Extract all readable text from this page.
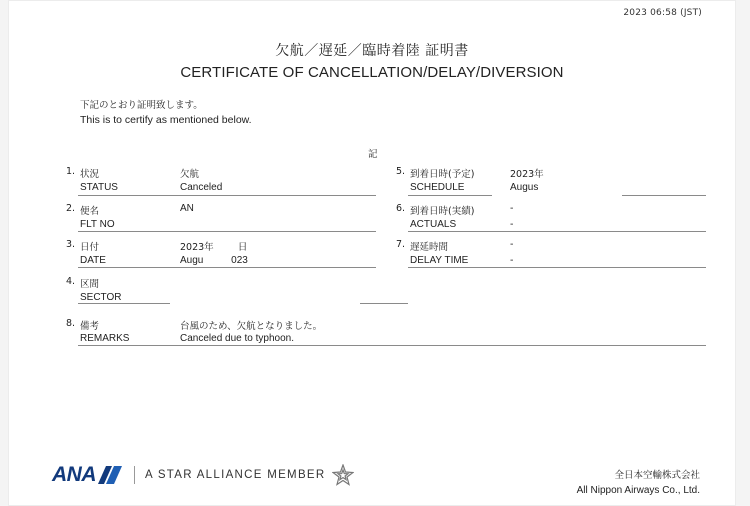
2023 06:58 (JST)
欠航／遅延／臨時着陸 証明書
CERTIFICATE OF CANCELLATION/DELAY/DIVERSION
下記のとおり証明致します。
This is to certify as mentioned below.
記
1. 状況
STATUS
欠航
Canceled
2. 便名
FLT NO
AN
3. 日付
DATE
2023年        日
Augu          023
4. 区間
SECTOR
5. 到着日時(予定)
SCHEDULE
2023年
Augus
6. 到着日時(実績)
ACTUALS
-
-
7. 遅延時間
DELAY TIME
-
-
8. 備考
REMARKS
台風のため、欠航となりました。
Canceled due to typhoon.
ANA	A STAR ALLIANCE MEMBER	全日本空輸株式会社
All Nippon Airways Co., Ltd.
